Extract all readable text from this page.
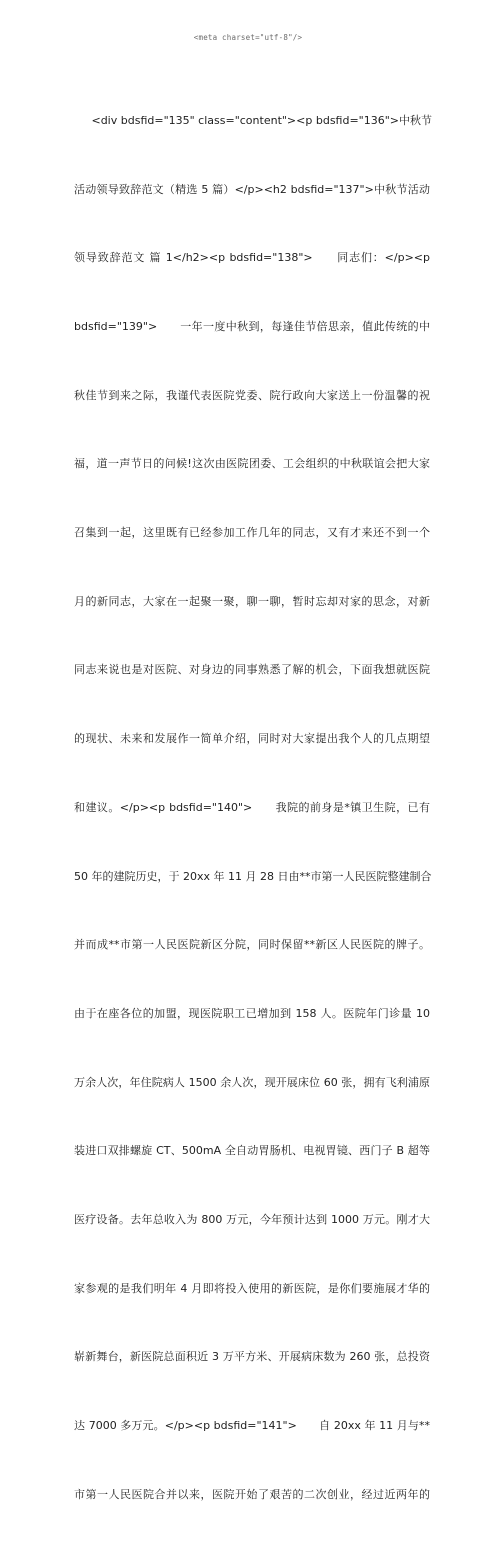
<meta charset="utf-8"/>

<div bdsfid="135" class="content"><p bdsfid="136">中秋节

活动领导致辞范文（精选 5 篇）</p><h2 bdsfid="137">中秋节活动

领导致辞范文 篇 1</h2><p bdsfid="138">　　同志们：</p><p

bdsfid="139">　　一年一度中秋到，每逢佳节倍思亲，值此传统的中

秋佳节到来之际，我谨代表医院党委、院行政向大家送上一份温馨的祝

福，道一声节日的问候!这次由医院团委、工会组织的中秋联谊会把大家

召集到一起，这里既有已经参加工作几年的同志，又有才来还不到一个

月的新同志，大家在一起聚一聚，聊一聊，暂时忘却对家的思念，对新

同志来说也是对医院、对身边的同事熟悉了解的机会，下面我想就医院

的现状、未来和发展作一简单介绍，同时对大家提出我个人的几点期望

和建议。</p><p bdsfid="140">　　我院的前身是*镇卫生院，已有

50 年的建院历史，于 20xx 年 11 月 28 日由**市第一人民医院整建制合

并而成**市第一人民医院新区分院，同时保留**新区人民医院的牌子。

由于在座各位的加盟，现医院职工已增加到 158 人。医院年门诊量 10

万余人次，年住院病人 1500 余人次，现开展床位 60 张，拥有飞利浦原

装进口双排螺旋 CT、500mA 全自动胃肠机、电视胃镜、西门子 B 超等

医疗设备。去年总收入为 800 万元，今年预计达到 1000 万元。刚才大

家参观的是我们明年 4 月即将投入使用的新医院，是你们要施展才华的

崭新舞台，新医院总面积近 3 万平方米、开展病床数为 260 张，总投资

达 7000 多万元。</p><p bdsfid="141">　　自 20xx 年 11 月与**

市第一人民医院合并以来，医院开始了艰苦的二次创业，经过近两年的
